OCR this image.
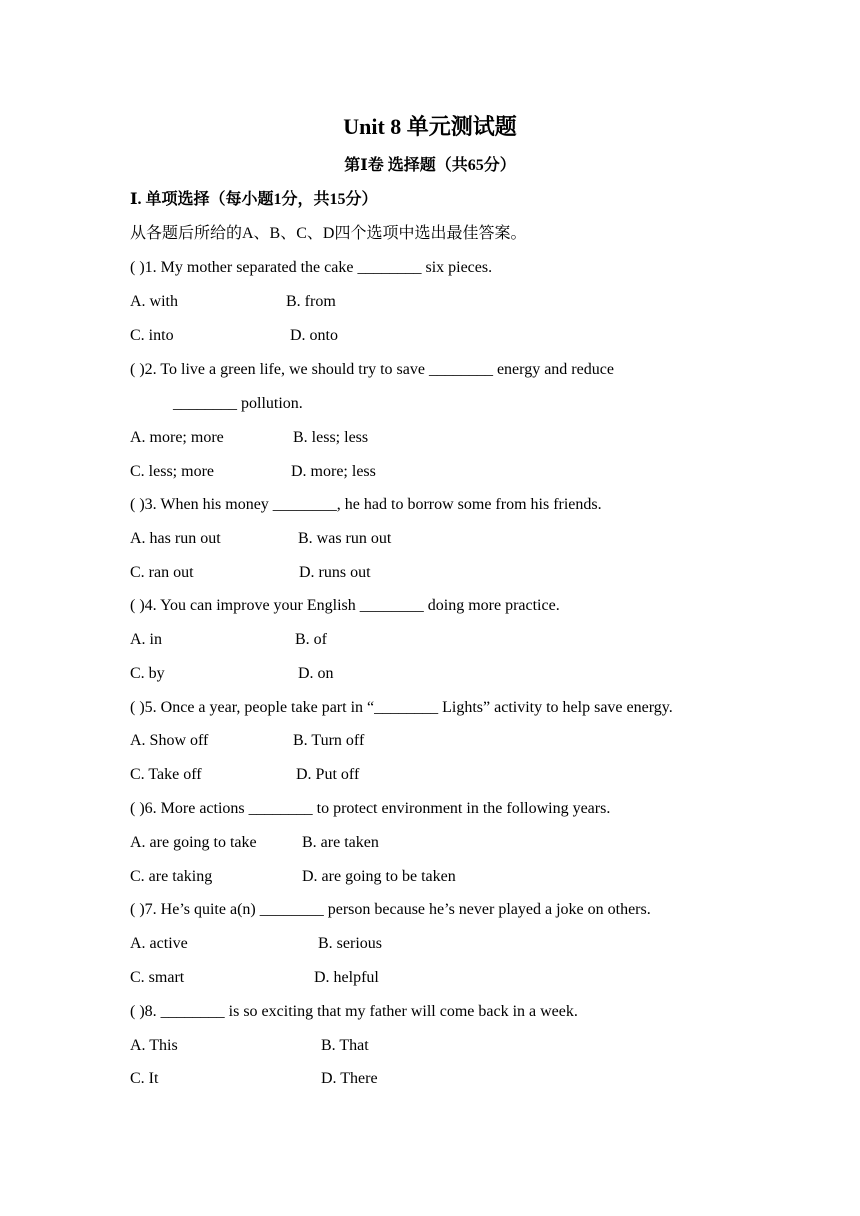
Unit 8 单元测试题
第Ⅰ卷 选择题（共65分）
Ⅰ. 单项选择（每小题1分，共15分）
从各题后所给的A、B、C、D四个选项中选出最佳答案。
( )1. My mother separated the cake ________ six pieces.
A. with	B. from
C. into	D. onto
( )2. To live a green life, we should try to save ________ energy and reduce
________ pollution.
A. more; more	B. less; less
C. less; more	D. more; less
( )3. When his money ________, he had to borrow some from his friends.
A. has run out	B. was run out
C. ran out	D. runs out
( )4. You can improve your English ________ doing more practice.
A. in	B. of
C. by	D. on
( )5. Once a year, people take part in “________ Lights” activity to help save energy.
A. Show off	B. Turn off
C. Take off	D. Put off
( )6. More actions ________ to protect environment in the following years.
A. are going to take	B. are taken
C. are taking	D. are going to be taken
( )7. He’s quite a(n) ________ person because he’s never played a joke on others.
A. active	B. serious
C. smart	D. helpful
( )8. ________ is so exciting that my father will come back in a week.
A. This	B. That
C. It	D. There
